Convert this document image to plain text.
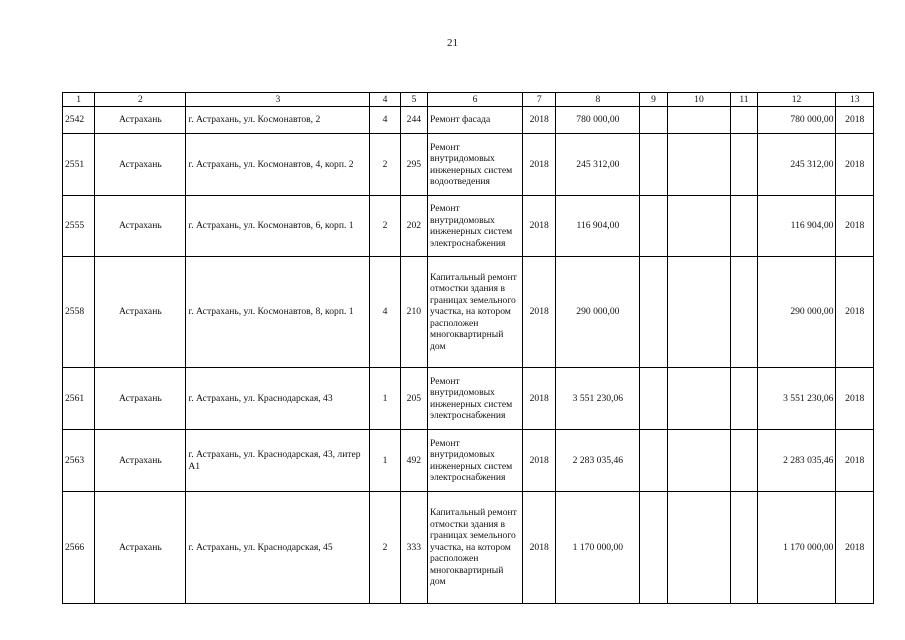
21
1	2	3	4	5	6	7	8	9	10	11	12	13
2542	Астрахань	г. Астрахань, ул. Космонавтов, 2	4	244	Ремонт фасада	2018	780 000,00				780 000,00	2018
2551	Астрахань	г. Астрахань, ул. Космонавтов, 4, корп. 2	2	295	Ремонт внутридомовых инженерных систем водоотведения	2018	245 312,00				245 312,00	2018
2555	Астрахань	г. Астрахань, ул. Космонавтов, 6, корп. 1	2	202	Ремонт внутридомовых инженерных систем электроснабжения	2018	116 904,00				116 904,00	2018
2558	Астрахань	г. Астрахань, ул. Космонавтов, 8, корп. 1	4	210	Капитальный ремонт отмостки здания в границах земельного участка, на котором расположен многоквартирный дом	2018	290 000,00				290 000,00	2018
2561	Астрахань	г. Астрахань, ул. Краснодарская, 43	1	205	Ремонт внутридомовых инженерных систем электроснабжения	2018	3 551 230,06				3 551 230,06	2018
2563	Астрахань	г. Астрахань, ул. Краснодарская, 43, литер А1	1	492	Ремонт внутридомовых инженерных систем электроснабжения	2018	2 283 035,46				2 283 035,46	2018
2566	Астрахань	г. Астрахань, ул. Краснодарская, 45	2	333	Капитальный ремонт отмостки здания в границах земельного участка, на котором расположен многоквартирный дом	2018	1 170 000,00				1 170 000,00	2018
